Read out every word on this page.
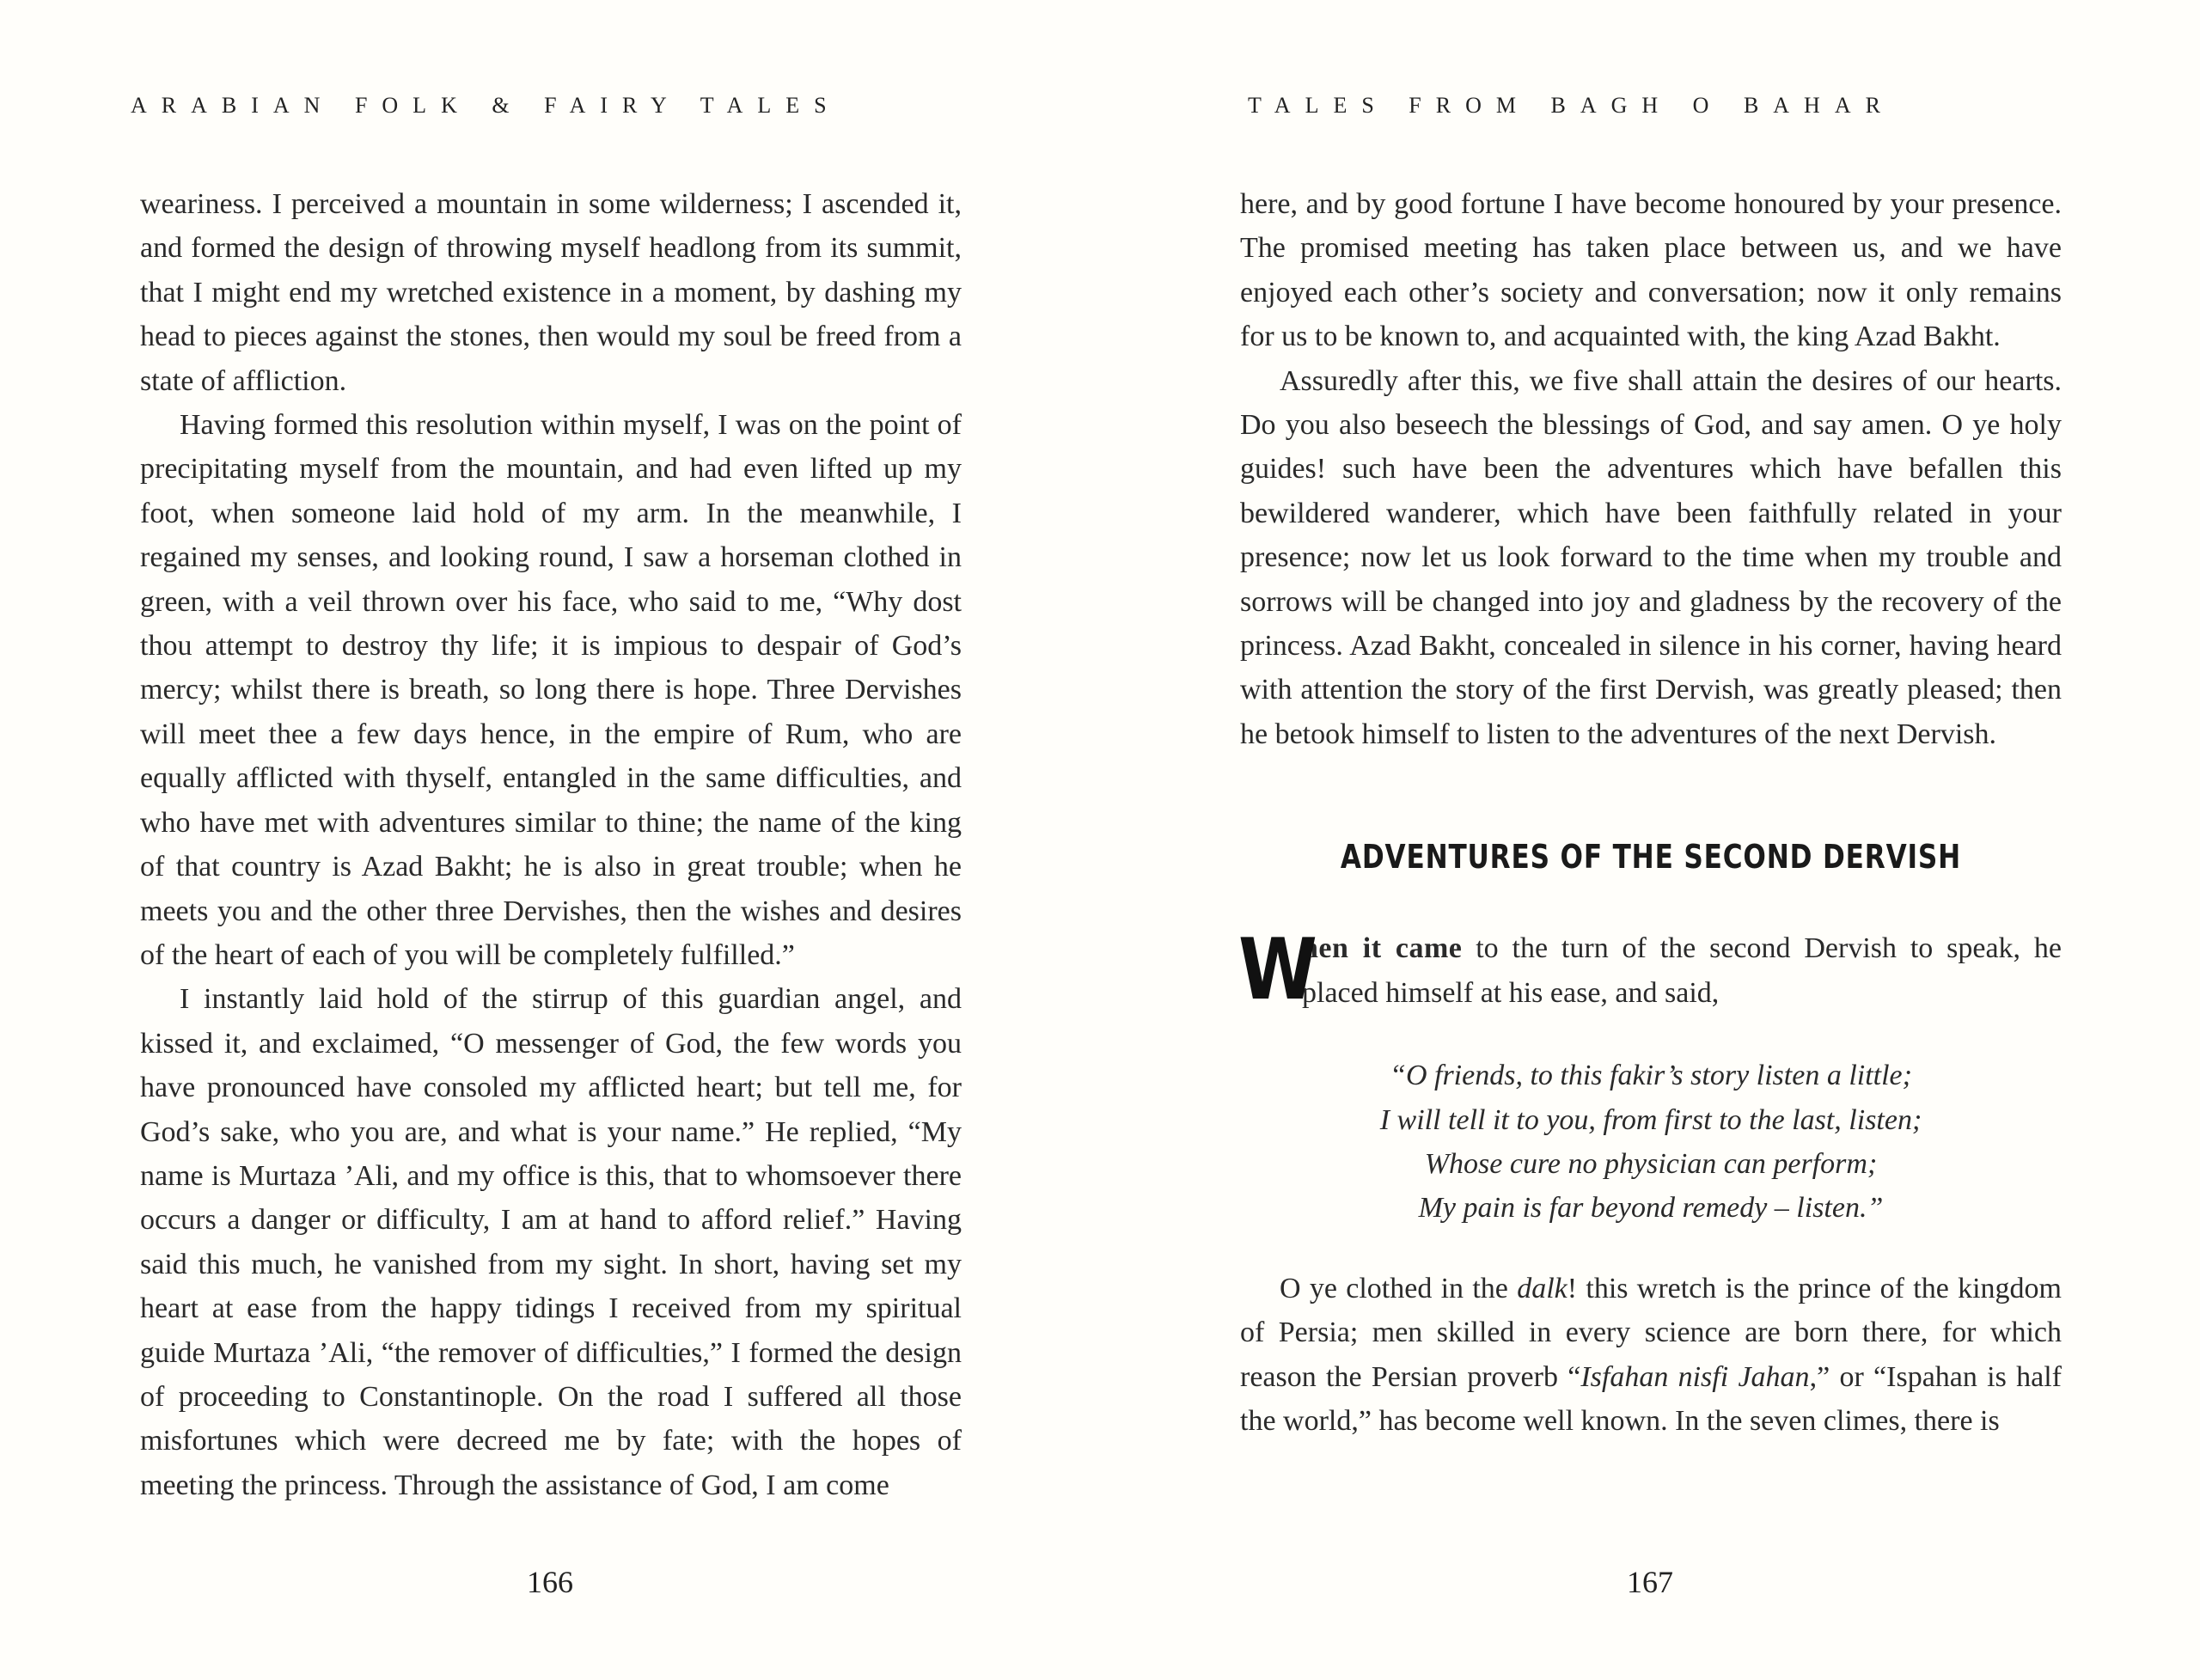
ARABIAN FOLK & FAIRY TALES

weariness. I perceived a mountain in some wilderness; I ascended it, and formed the design of throwing myself headlong from its summit, that I might end my wretched existence in a moment, by dashing my head to pieces against the stones, then would my soul be freed from a state of affliction.

Having formed this resolution within myself, I was on the point of precipitating myself from the mountain, and had even lifted up my foot, when someone laid hold of my arm. In the meanwhile, I regained my senses, and looking round, I saw a horseman clothed in green, with a veil thrown over his face, who said to me, “Why dost thou attempt to destroy thy life; it is impious to despair of God’s mercy; whilst there is breath, so long there is hope. Three Dervishes will meet thee a few days hence, in the empire of Rum, who are equally afflicted with thyself, entangled in the same difficulties, and who have met with adventures similar to thine; the name of the king of that country is Azad Bakht; he is also in great trouble; when he meets you and the other three Dervishes, then the wishes and desires of the heart of each of you will be completely fulfilled.”

I instantly laid hold of the stirrup of this guardian angel, and kissed it, and exclaimed, “O messenger of God, the few words you have pronounced have consoled my afflicted heart; but tell me, for God’s sake, who you are, and what is your name.” He replied, “My name is Murtaza ’Ali, and my office is this, that to whomsoever there occurs a danger or difficulty, I am at hand to afford relief.” Having said this much, he vanished from my sight. In short, having set my heart at ease from the happy tidings I received from my spiritual guide Murtaza ’Ali, “the remover of difficulties,” I formed the design of proceeding to Constantinople. On the road I suffered all those misfortunes which were decreed me by fate; with the hopes of meeting the princess. Through the assistance of God, I am come

166
TALES FROM BAGH O BAHAR

here, and by good fortune I have become honoured by your presence. The promised meeting has taken place between us, and we have enjoyed each other’s society and conversation; now it only remains for us to be known to, and acquainted with, the king Azad Bakht.

Assuredly after this, we five shall attain the desires of our hearts. Do you also beseech the blessings of God, and say amen. O ye holy guides! such have been the adventures which have befallen this bewildered wanderer, which have been faithfully related in your presence; now let us look forward to the time when my trouble and sorrows will be changed into joy and gladness by the recovery of the princess. Azad Bakht, concealed in silence in his corner, having heard with attention the story of the first Dervish, was greatly pleased; then he betook himself to listen to the adventures of the next Dervish.

ADVENTURES OF THE SECOND DERVISH

W
hen it came to the turn of the second Dervish to speak, he placed himself at his ease, and said,

“O friends, to this fakir’s story listen a little;
I will tell it to you, from first to the last, listen;
Whose cure no physician can perform;
My pain is far beyond remedy – listen.”

O ye clothed in the dalk! this wretch is the prince of the kingdom of Persia; men skilled in every science are born there, for which reason the Persian proverb “Isfahan nisfi Jahan,” or “Ispahan is half the world,” has become well known. In the seven climes, there is

167
